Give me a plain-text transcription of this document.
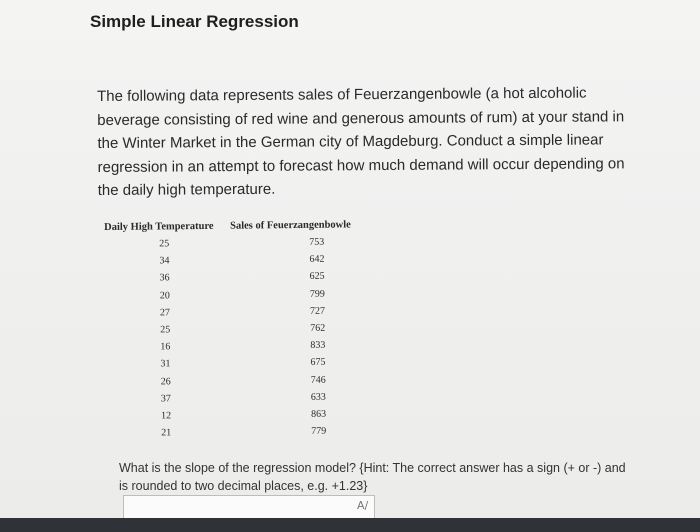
Simple Linear Regression
The following data represents sales of Feuerzangenbowle (a hot alcoholic beverage consisting of red wine and generous amounts of rum) at your stand in the Winter Market in the German city of Magdeburg. Conduct a simple linear regression in an attempt to forecast how much demand will occur depending on the daily high temperature.
Daily High Temperature	Sales of Feuerzangenbowle
25	753
34	642
36	625
20	799
27	727
25	762
16	833
31	675
26	746
37	633
12	863
21	779
What is the slope of the regression model? {Hint: The correct answer has a sign (+ or -) and is rounded to two decimal places, e.g. +1.23}
A∕
